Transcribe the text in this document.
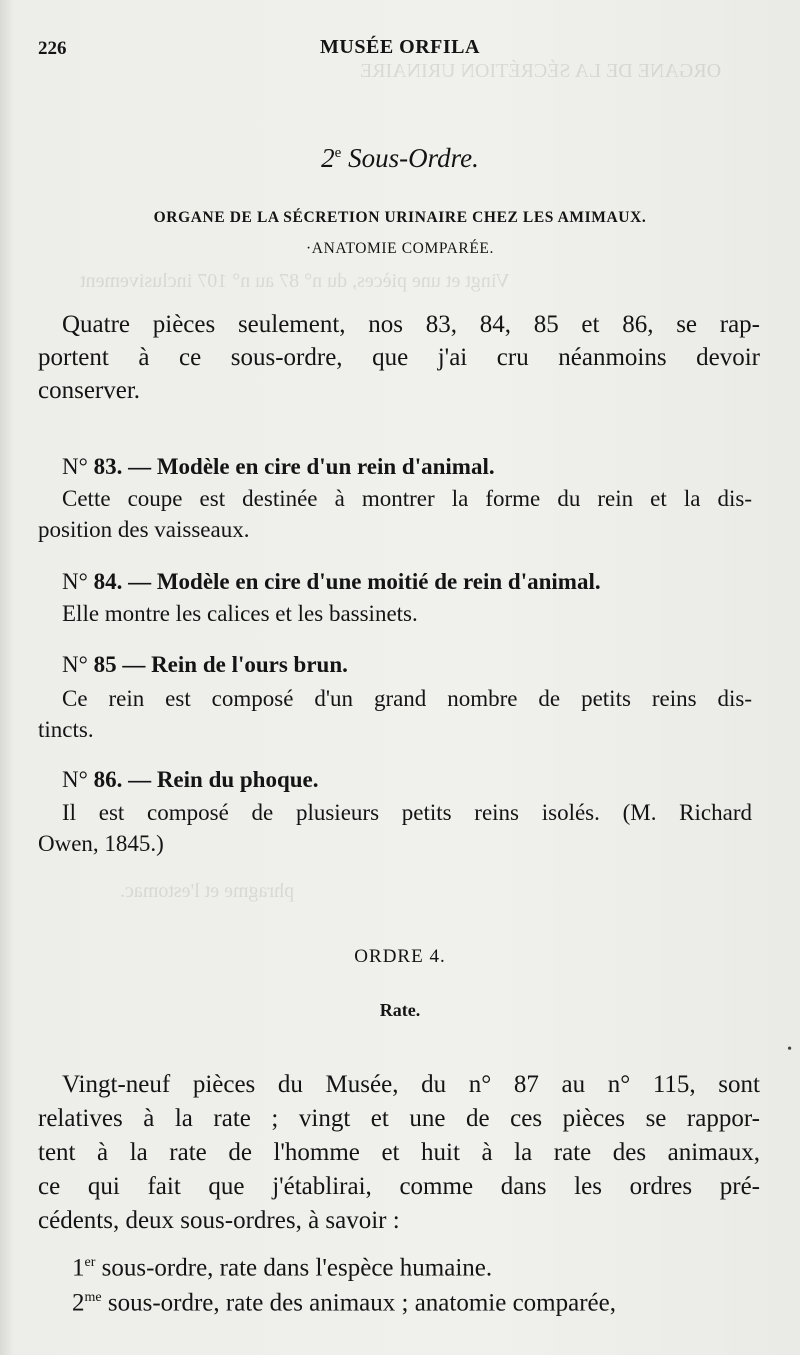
ORGANE DE LA SÉCRÉTION URINAIRE
Vingt et une pièces, du n° 87 au n° 107 inclusivement
phragme et l'estomac.
226	MUSÉE ORFILA
2e Sous-Ordre.
ORGANE DE LA SÉCRETION URINAIRE CHEZ LES AMIMAUX.
·ANATOMIE COMPARÉE.
Quatre pièces seulement, nos 83, 84, 85 et 86, se rap-
portent à ce sous-ordre, que j'ai cru néanmoins devoir
conserver.
N° 83. — Modèle en cire d'un rein d'animal.
Cette coupe est destinée à montrer la forme du rein et la dis-
position des vaisseaux.
N° 84. — Modèle en cire d'une moitié de rein d'animal.
Elle montre les calices et les bassinets.
N° 85 — Rein de l'ours brun.
Ce rein est composé d'un grand nombre de petits reins dis-
tincts.
N° 86. — Rein du phoque.
Il est composé de plusieurs petits reins isolés. (M. Richard
Owen, 1845.)
ORDRE 4.
Rate.
Vingt-neuf pièces du Musée, du n° 87 au n° 115, sont
relatives à la rate ; vingt et une de ces pièces se rappor-
tent à la rate de l'homme et huit à la rate des animaux,
ce qui fait que j'établirai, comme dans les ordres pré-
cédents, deux sous-ordres, à savoir :
1er sous-ordre, rate dans l'espèce humaine.
$2^{me}$ sous-ordre, rate des animaux ; anatomie comparée,
•
